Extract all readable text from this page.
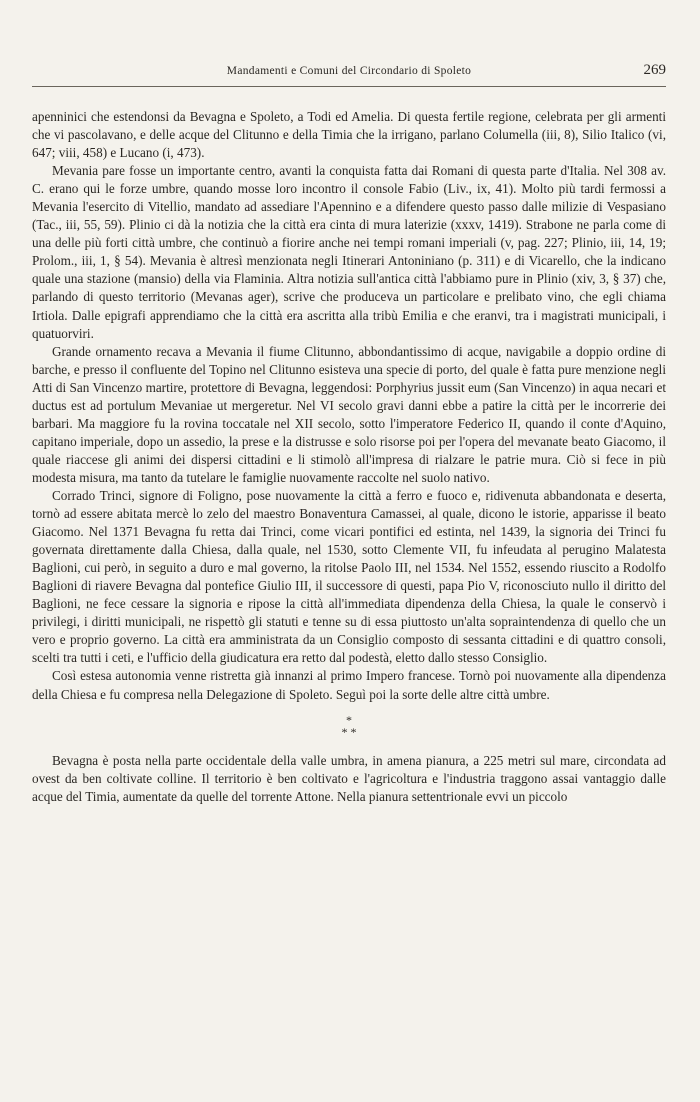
Mandamenti e Comuni del Circondario di Spoleto	269

apenninici che estendonsi da Bevagna e Spoleto, a Todi ed Amelia. Di questa fertile regione, celebrata per gli armenti che vi pascolavano, e delle acque del Clitunno e della Timia che la irrigano, parlano Columella (iii, 8), Silio Italico (vi, 647; viii, 458) e Lucano (i, 473).

Mevania pare fosse un importante centro, avanti la conquista fatta dai Romani di questa parte d'Italia. Nel 308 av. C. erano qui le forze umbre, quando mosse loro incontro il console Fabio (Liv., ix, 41). Molto più tardi fermossi a Mevania l'esercito di Vitellio, mandato ad assediare l'Apennino e a difendere questo passo dalle milizie di Vespasiano (Tac., iii, 55, 59). Plinio ci dà la notizia che la città era cinta di mura laterizie (xxxv, 1419). Strabone ne parla come di una delle più forti città umbre, che continuò a fiorire anche nei tempi romani imperiali (v, pag. 227; Plinio, iii, 14, 19; Prolom., iii, 1, § 54). Mevania è altresì menzionata negli Itinerari Antoniniano (p. 311) e di Vicarello, che la indicano quale una stazione (mansio) della via Flaminia. Altra notizia sull'antica città l'abbiamo pure in Plinio (xiv, 3, § 37) che, parlando di questo territorio (Mevanas ager), scrive che produceva un particolare e prelibato vino, che egli chiama Irtiola. Dalle epigrafi apprendiamo che la città era ascritta alla tribù Emilia e che eranvi, tra i magistrati municipali, i quatuorviri.

Grande ornamento recava a Mevania il fiume Clitunno, abbondantissimo di acque, navigabile a doppio ordine di barche, e presso il confluente del Topino nel Clitunno esisteva una specie di porto, del quale è fatta pure menzione negli Atti di San Vincenzo martire, protettore di Bevagna, leggendosi: Porphyrius jussit eum (San Vincenzo) in aqua necari et ductus est ad portulum Mevaniae ut mergeretur. Nel VI secolo gravi danni ebbe a patire la città per le incorrerie dei barbari. Ma maggiore fu la rovina toccatale nel XII secolo, sotto l'imperatore Federico II, quando il conte d'Aquino, capitano imperiale, dopo un assedio, la prese e la distrusse e solo risorse poi per l'opera del mevanate beato Giacomo, il quale riaccese gli animi dei dispersi cittadini e li stimolò all'impresa di rialzare le patrie mura. Ciò si fece in più modesta misura, ma tanto da tutelare le famiglie nuovamente raccolte nel suolo nativo.

Corrado Trinci, signore di Foligno, pose nuovamente la città a ferro e fuoco e, ridivenuta abbandonata e deserta, tornò ad essere abitata mercè lo zelo del maestro Bonaventura Camassei, al quale, dicono le istorie, apparisse il beato Giacomo. Nel 1371 Bevagna fu retta dai Trinci, come vicari pontifici ed estinta, nel 1439, la signoria dei Trinci fu governata direttamente dalla Chiesa, dalla quale, nel 1530, sotto Clemente VII, fu infeudata al perugino Malatesta Baglioni, cui però, in seguito a duro e mal governo, la ritolse Paolo III, nel 1534. Nel 1552, essendo riuscito a Rodolfo Baglioni di riavere Bevagna dal pontefice Giulio III, il successore di questi, papa Pio V, riconosciuto nullo il diritto del Baglioni, ne fece cessare la signoria e ripose la città all'immediata dipendenza della Chiesa, la quale le conservò i privilegi, i diritti municipali, ne rispettò gli statuti e tenne su di essa piuttosto un'alta sopraintendenza di quello che un vero e proprio governo. La città era amministrata da un Consiglio composto di sessanta cittadini e di quattro consoli, scelti tra tutti i ceti, e l'ufficio della giudicatura era retto dal podestà, eletto dallo stesso Consiglio.

Così estesa autonomia venne ristretta già innanzi al primo Impero francese. Tornò poi nuovamente alla dipendenza della Chiesa e fu compresa nella Delegazione di Spoleto. Seguì poi la sorte delle altre città umbre.

*
* *

Bevagna è posta nella parte occidentale della valle umbra, in amena pianura, a 225 metri sul mare, circondata ad ovest da ben coltivate colline. Il territorio è ben coltivato e l'agricoltura e l'industria traggono assai vantaggio dalle acque del Timia, aumentate da quelle del torrente Attone. Nella pianura settentrionale evvi un piccolo
